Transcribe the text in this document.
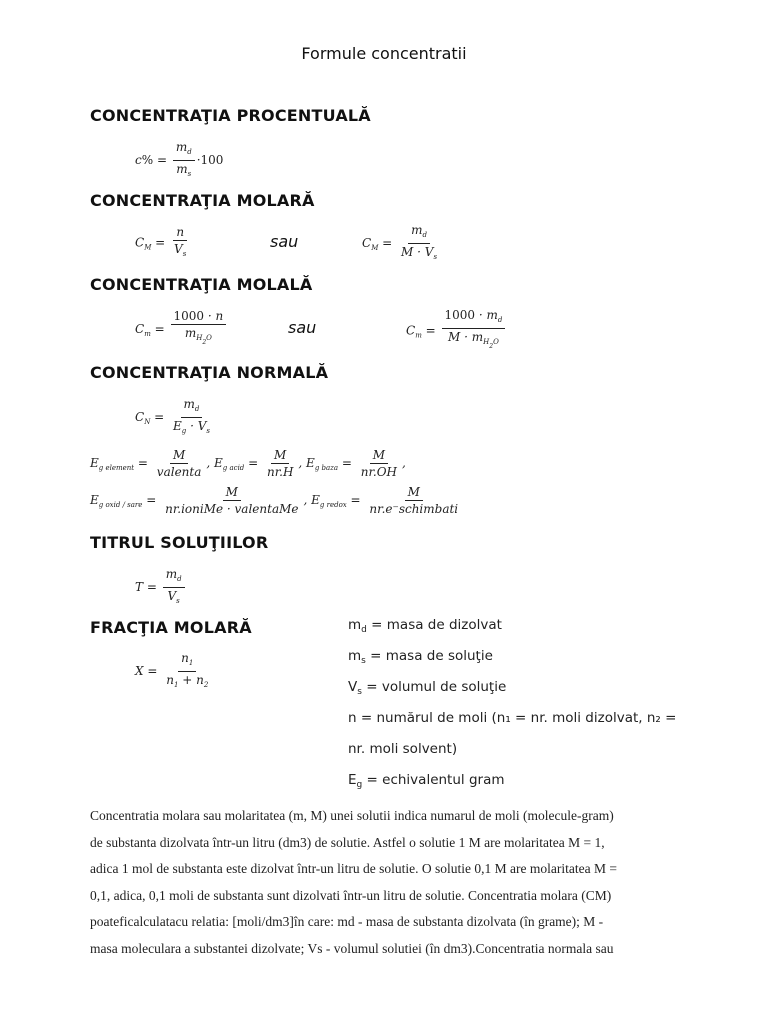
Formule concentratii
CONCENTRAŢIA PROCENTUALĂ
$c\% = \frac{m_d}{m_s} \cdot 100$
CONCENTRAŢIA MOLARĂ
$C_M = \frac{n}{V_s}$	sau	$C_M = \frac{m_d}{M \cdot V_s}$
CONCENTRAŢIA MOLALĂ
$C_m = \frac{1000 \cdot n}{m_{H2O}}$	sau	$C_m = \frac{1000 \cdot m_d}{M \cdot m_{H2O}}$
CONCENTRAŢIA NORMALĂ
$C_N = \frac{m_d}{E_g \cdot V_s}$
$E_{g element} = \frac{M}{\text{valenta}}$ , $E_{g acid} = \frac{M}{nr.H}$ , $E_{g baza} = \frac{M}{nr.OH}$ ,
$E_{g oxid / sare} = \frac{M}{\text{nr.ioniMe · valentaMe}}$ , $E_{g redox} = \frac{M}{\text{nr.e⁻schimbati}}$
TITRUL SOLUŢIILOR
$T = \frac{m_d}{V_s}$
FRACŢIA MOLARĂ
$X = \frac{n_1}{n_1 + n_2}$
$m_d$ = masa de dizolvat
$m_s$ = masa de soluţie
$V_s$ = volumul de soluţie
n = numărul de moli (n₁ = nr. moli dizolvat, n₂ =
nr. moli solvent)
$E_g$ = echivalentul gram

Concentratia molara sau molaritatea (m, M) unei solutii indica numarul de moli (molecule-gram)

de substanta dizolvata într-un litru (dm3) de solutie. Astfel o solutie 1 M are molaritatea M = 1,

adica 1 mol de substanta este dizolvat într-un litru de solutie. O solutie 0,1 M are molaritatea M =

0,1, adica, 0,1 moli de substanta sunt dizolvati într-un litru de solutie. Concentratia molara (CM)

poateficalculatacu relatia: [moli/dm3]în care: md - masa de substanta dizolvata (în grame); M -

masa moleculara a substantei dizolvate; Vs - volumul solutiei (în dm3).Concentratia normala sau
